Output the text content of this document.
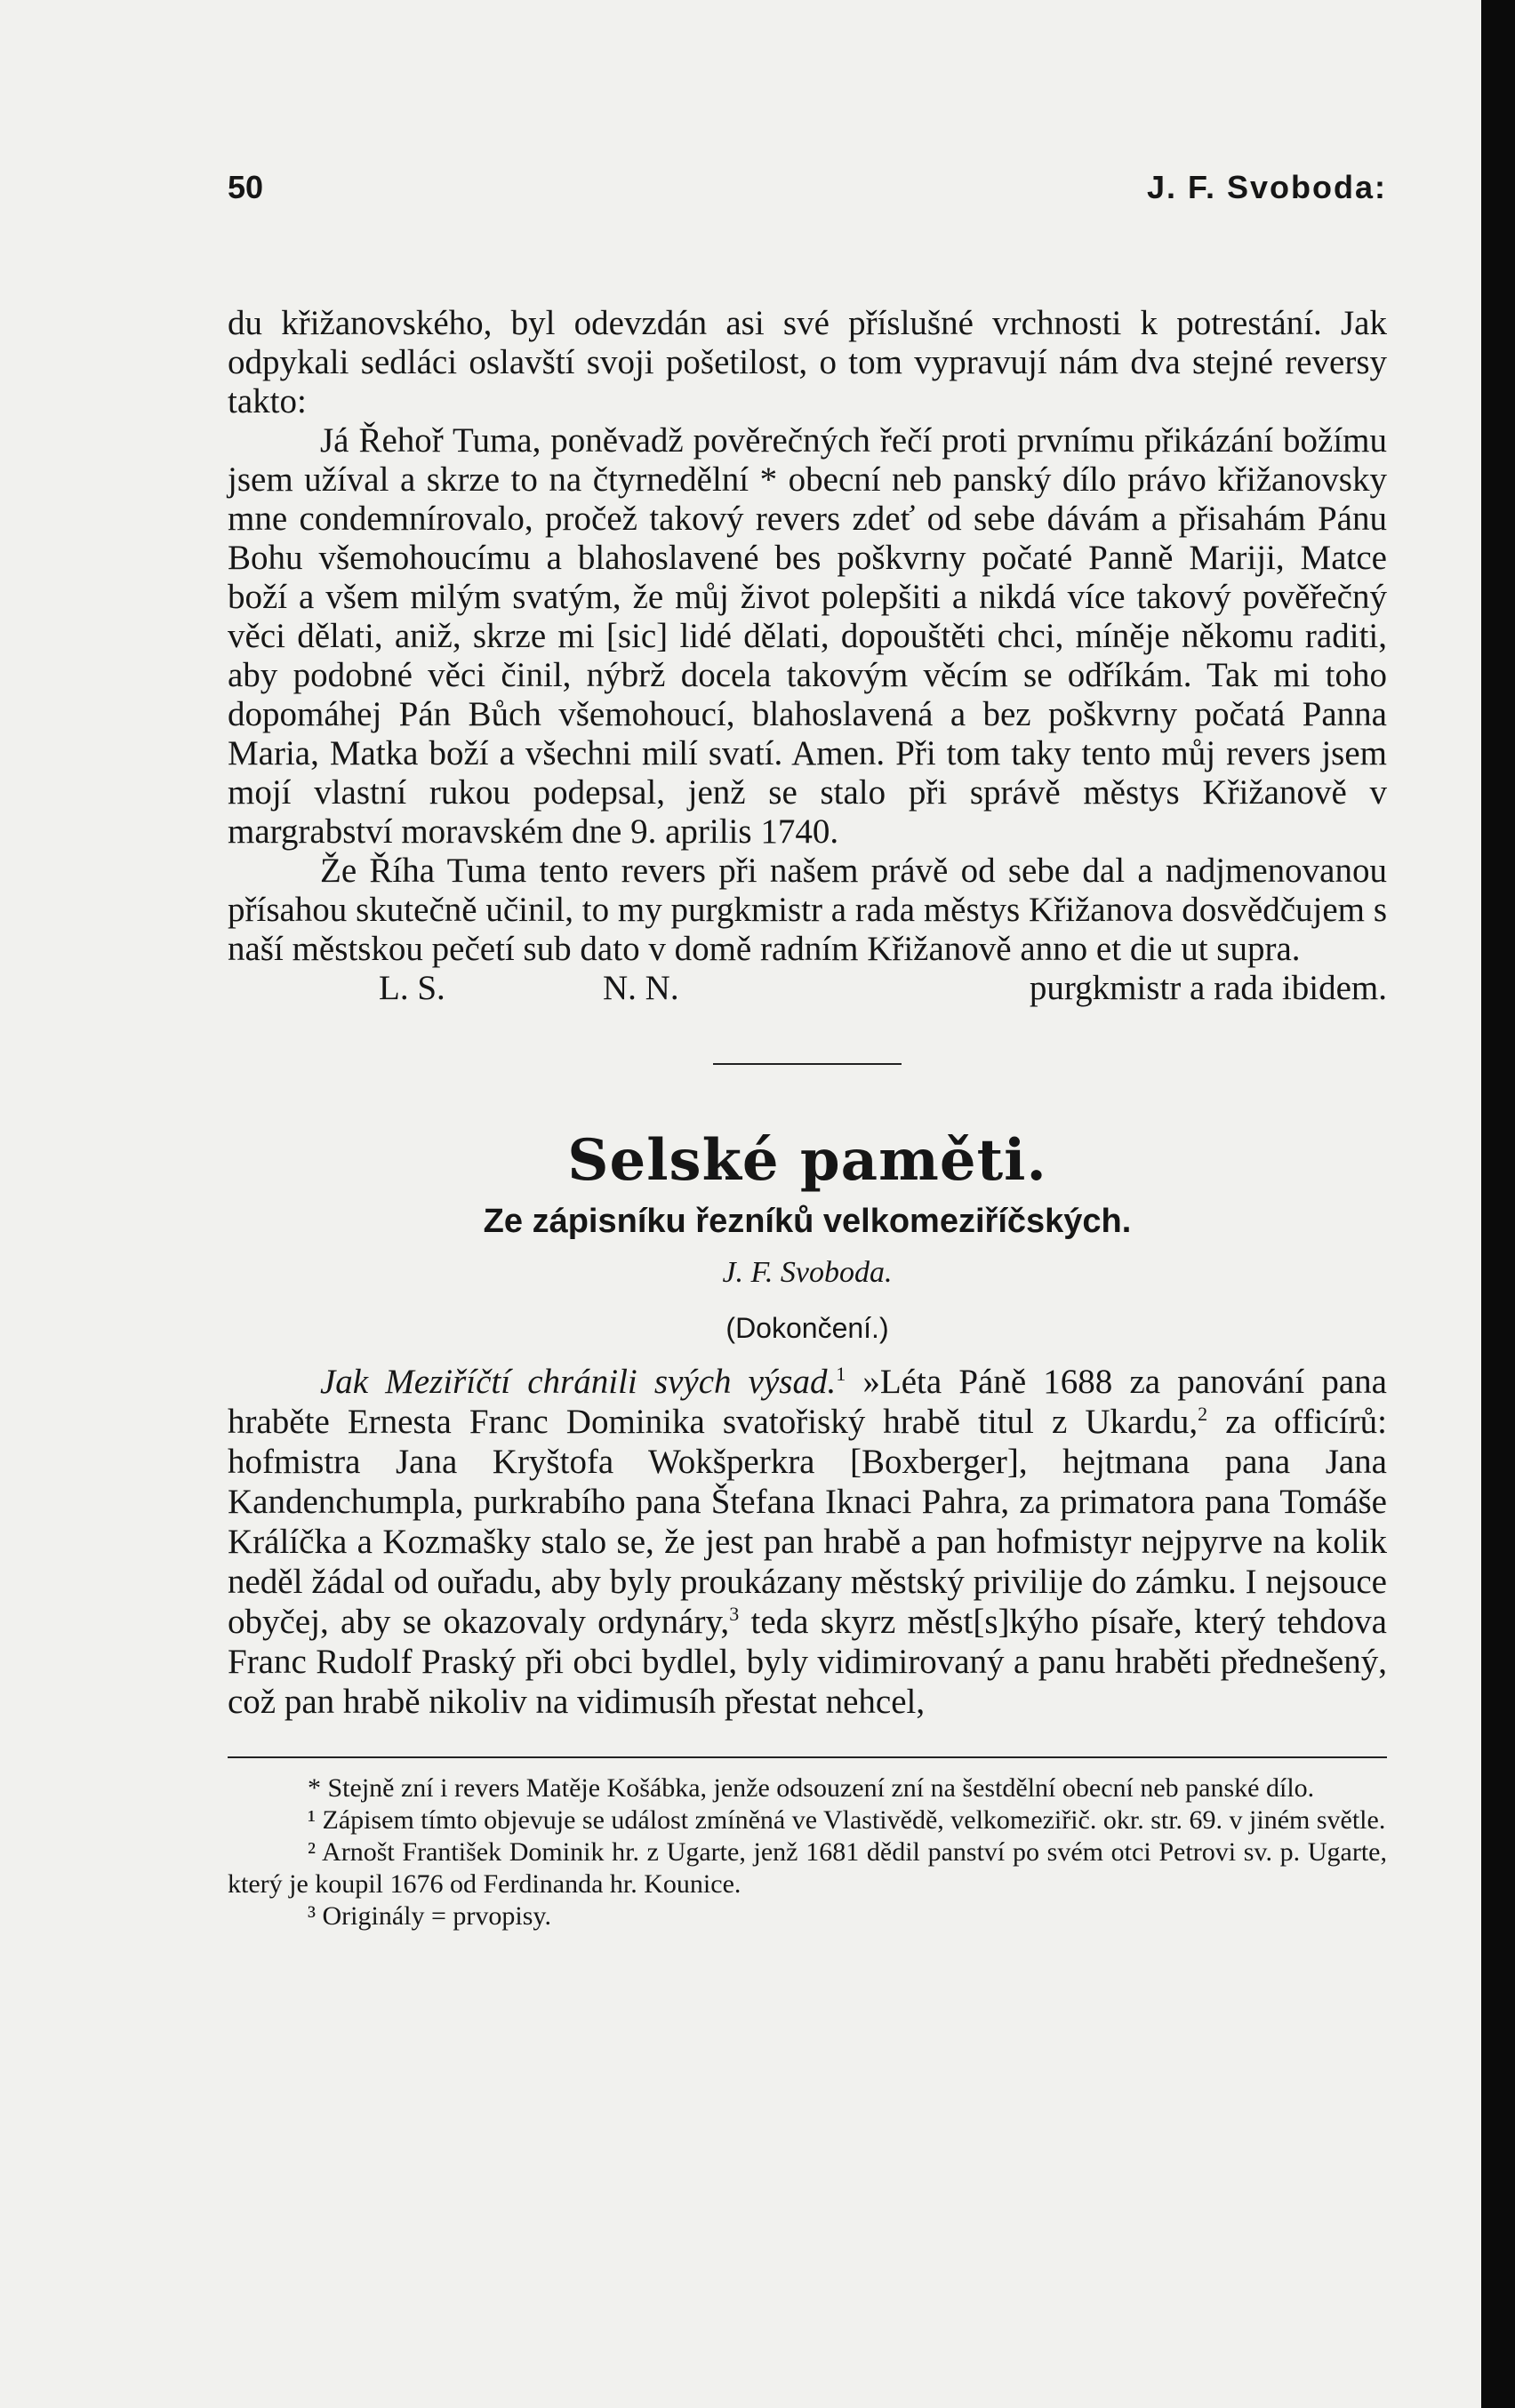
50	J. F. Svoboda:

du křižanovského, byl odevzdán asi své příslušné vrchnosti k potrestání. Jak odpykali sedláci oslavští svoji pošetilost, o tom vypravují nám dva stejné reversy takto:

Já Řehoř Tuma, poněvadž pověrečných řečí proti prvnímu přikázání božímu jsem užíval a skrze to na čtyrnedělní * obecní neb panský dílo právo křižanovsky mne condemnírovalo, pročež takový revers zdeť od sebe dávám a přisahám Pánu Bohu všemohoucímu a blahoslavené bes poškvrny počaté Panně Mariji, Matce boží a všem milým svatým, že můj život polepšiti a nikdá více takový pověřečný věci dělati, aniž, skrze mi [sic] lidé dělati, dopouštěti chci, míněje někomu raditi, aby podobné věci činil, nýbrž docela takovým věcím se odříkám. Tak mi toho dopomáhej Pán Bůch všemohoucí, blahoslavená a bez poškvrny počatá Panna Maria, Matka boží a všechni milí svatí. Amen. Při tom taky tento můj revers jsem mojí vlastní rukou podepsal, jenž se stalo při správě městys Křižanově v margrabství moravském dne 9. aprilis 1740.

Že Říha Tuma tento revers při našem právě od sebe dal a nadjmenovanou přísahou skutečně učinil, to my purgkmistr a rada městys Křižanova dosvědčujem s naší městskou pečetí sub dato v domě radním Křižanově anno et die ut supra.

L. S.	N. N.	purgkmistr a rada ibidem.
Selské paměti.
Ze zápisníku řezníků velkomeziříčských.
J. F. Svoboda.
(Dokončení.)

Jak Meziříčtí chránili svých výsad.$^1$ »Léta Páně 1688 za panování pana hraběte Ernesta Franc Dominika svatořiský hrabě titul z Ukardu,$^2$ za officírů: hofmistra Jana Kryštofa Wokšperkra [Boxberger], hejtmana pana Jana Kandenchumpla, purkrabího pana Štefana Iknaci Pahra, za primatora pana Tomáše Králíčka a Kozmašky stalo se, že jest pan hrabě a pan hofmistyr nejpyrve na kolik neděl žádal od ouřadu, aby byly proukázany městský privilije do zámku. I nejsouce obyčej, aby se okazovaly ordynáry,$^3$ teda skyrz měst[s]kýho písaře, který tehdova Franc Rudolf Praský při obci bydlel, byly vidimirovaný a panu hraběti přednešený, což pan hrabě nikoliv na vidimusíh přestat nehcel,

* Stejně zní i revers Matěje Košábka, jenže odsouzení zní na šestdělní obecní neb panské dílo.

¹ Zápisem tímto objevuje se událost zmíněná ve Vlastivědě, velkomeziřič. okr. str. 69. v jiném světle.

² Arnošt František Dominik hr. z Ugarte, jenž 1681 dědil panství po svém otci Petrovi sv. p. Ugarte, který je koupil 1676 od Ferdinanda hr. Kounice.

³ Originály = prvopisy.
